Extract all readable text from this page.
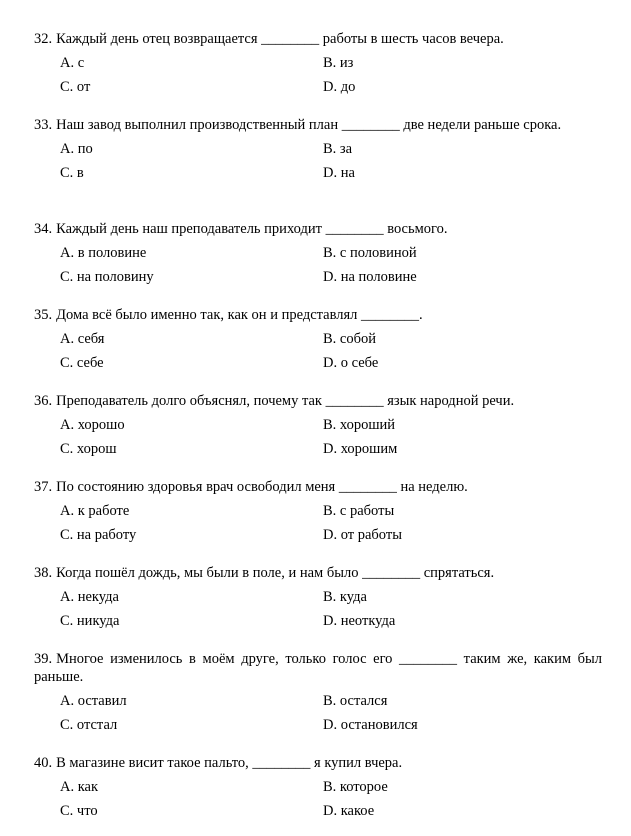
32. Каждый день отец возвращается ________ работы в шесть часов вечера.

A. с	B. из
C. от	D. до

33. Наш завод выполнил производственный план ________ две недели раньше срока.

A. по	B. за
C. в	D. на

34. Каждый день наш преподаватель приходит ________ восьмого.

A. в половине	B. с половиной
C. на половину	D. на половине

35. Дома всё было именно так, как он и представлял ________.

A. себя	B. собой
C. себе	D. о себе

36. Преподаватель долго объяснял, почему так ________ язык народной речи.

A. хорошо	B. хороший
C. хорош	D. хорошим

37. По состоянию здоровья врач освободил меня ________ на неделю.

A. к работе	B. с работы
C. на работу	D. от работы

38. Когда пошёл дождь, мы были в поле, и нам было ________ спрятаться.

A. некуда	B. куда
C. никуда	D. неоткуда

39. Многое изменилось в моём друге, только голос его ________ таким же, каким был раньше.

A. оставил	B. остался
C. отстал	D. остановился

40. В магазине висит такое пальто, ________ я купил вчера.

A. как	B. которое
C. что	D. какое
